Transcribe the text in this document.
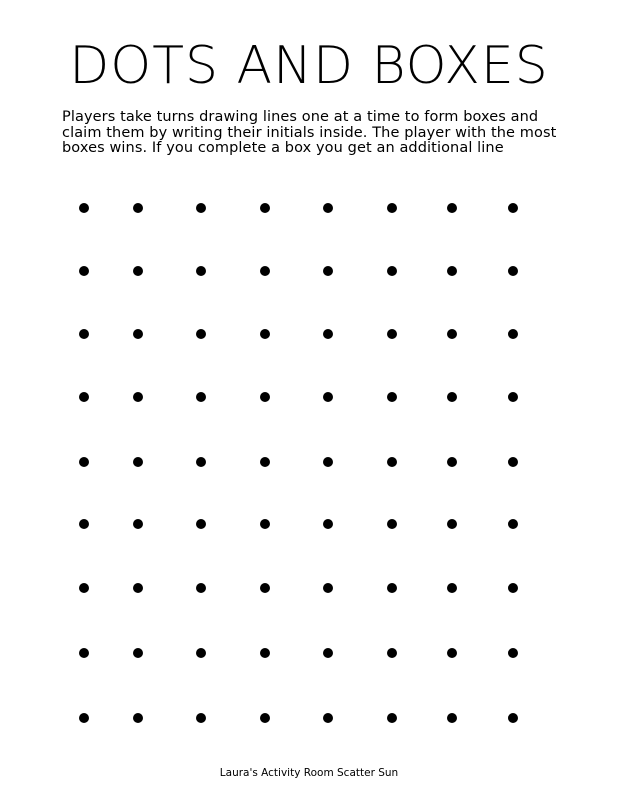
DOTS AND BOXES

Players take turns drawing lines one at a time to form boxes and claim them by writing their initials inside. The player with the most boxes wins. If you complete a box you get an additional line

Laura's Activity Room Scatter Sun
